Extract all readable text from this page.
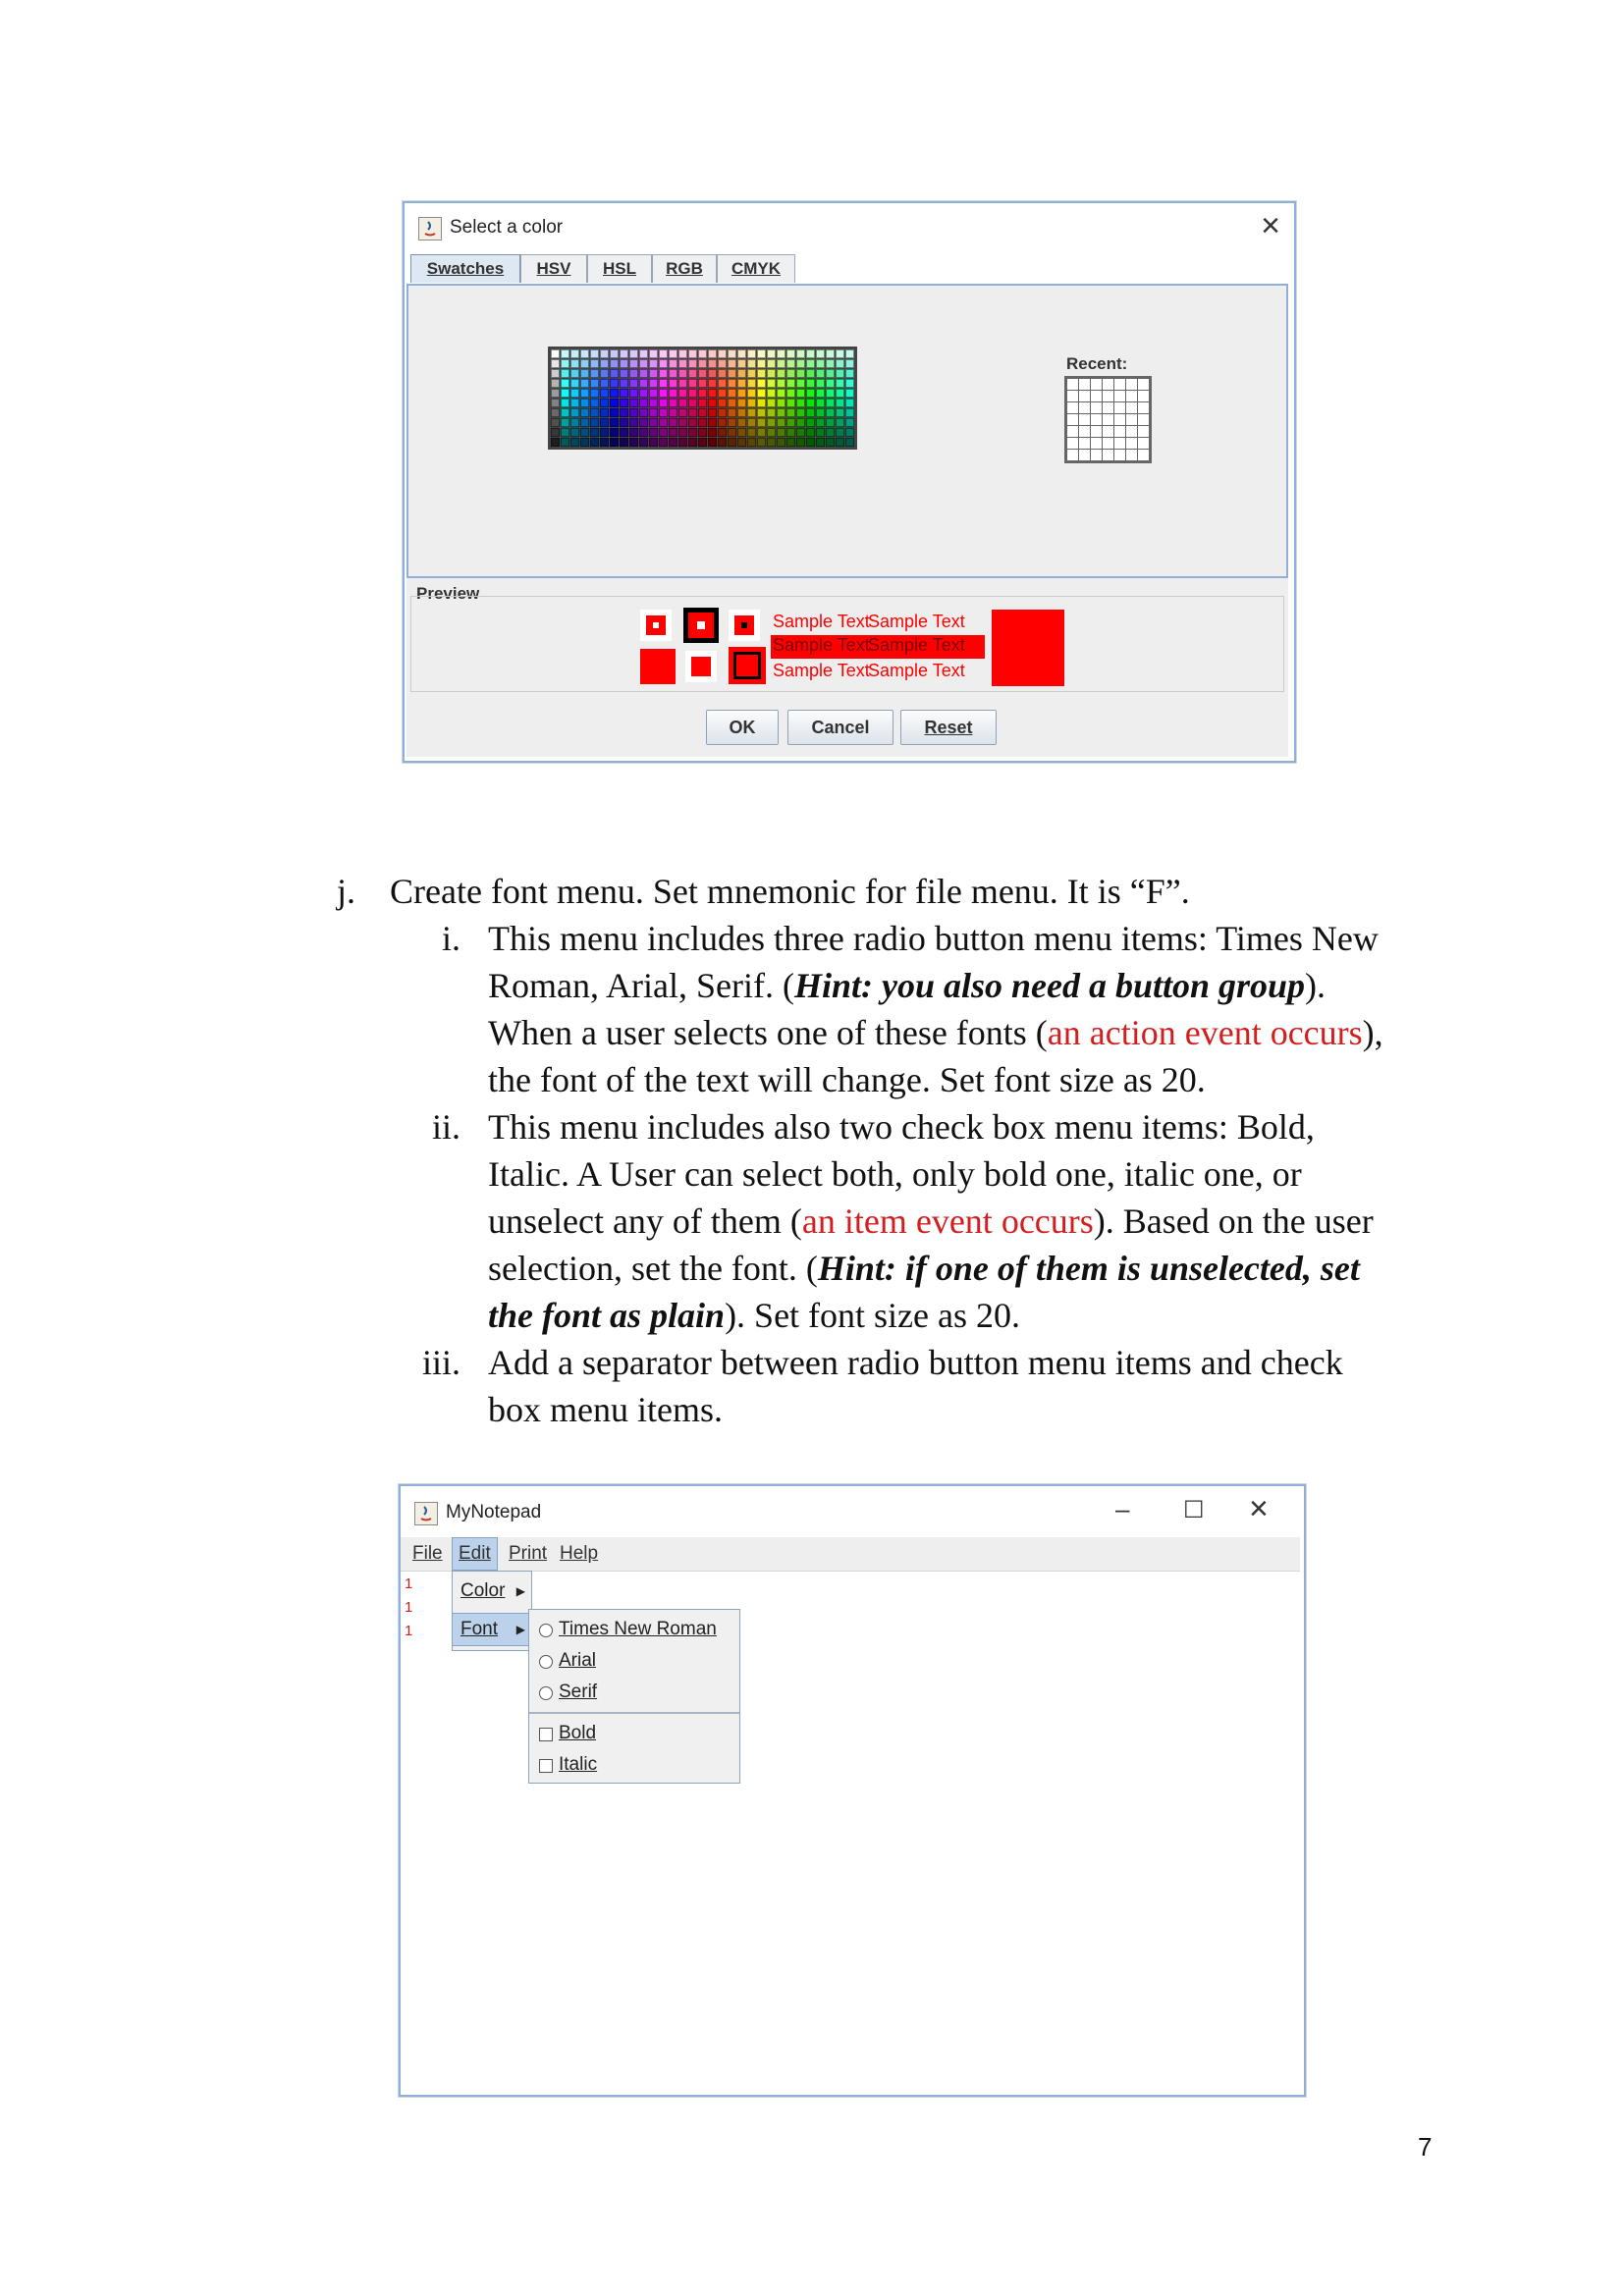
Select a color	×
Swatches	HSV	HSL	RGB	CMYK
Recent:
Preview
Sample Text
Sample Text
Sample Text
Sample Text
Sample Text
Sample Text
OK	Cancel	Reset
j. Create font menu. Set mnemonic for file menu. It is “F”.
i. This menu includes three radio button menu items: Times New
Roman, Arial, Serif. (Hint: you also need a button group).
When a user selects one of these fonts (an action event occurs),
the font of the text will change. Set font size as 20.
ii. This menu includes also two check box menu items: Bold,
Italic. A User can select both, only bold one, italic one, or
unselect any of them (an item event occurs). Based on the user
selection, set the font. (Hint: if one of them is unselected, set
the font as plain). Set font size as 20.
iii. Add a separator between radio button menu items and check
box menu items.
MyNotepad	– ☐ ×
File Edit Print Help
1
1
1
Color ▶
Font ▶ Times New Roman
Arial
Serif
Bold
Italic
7
